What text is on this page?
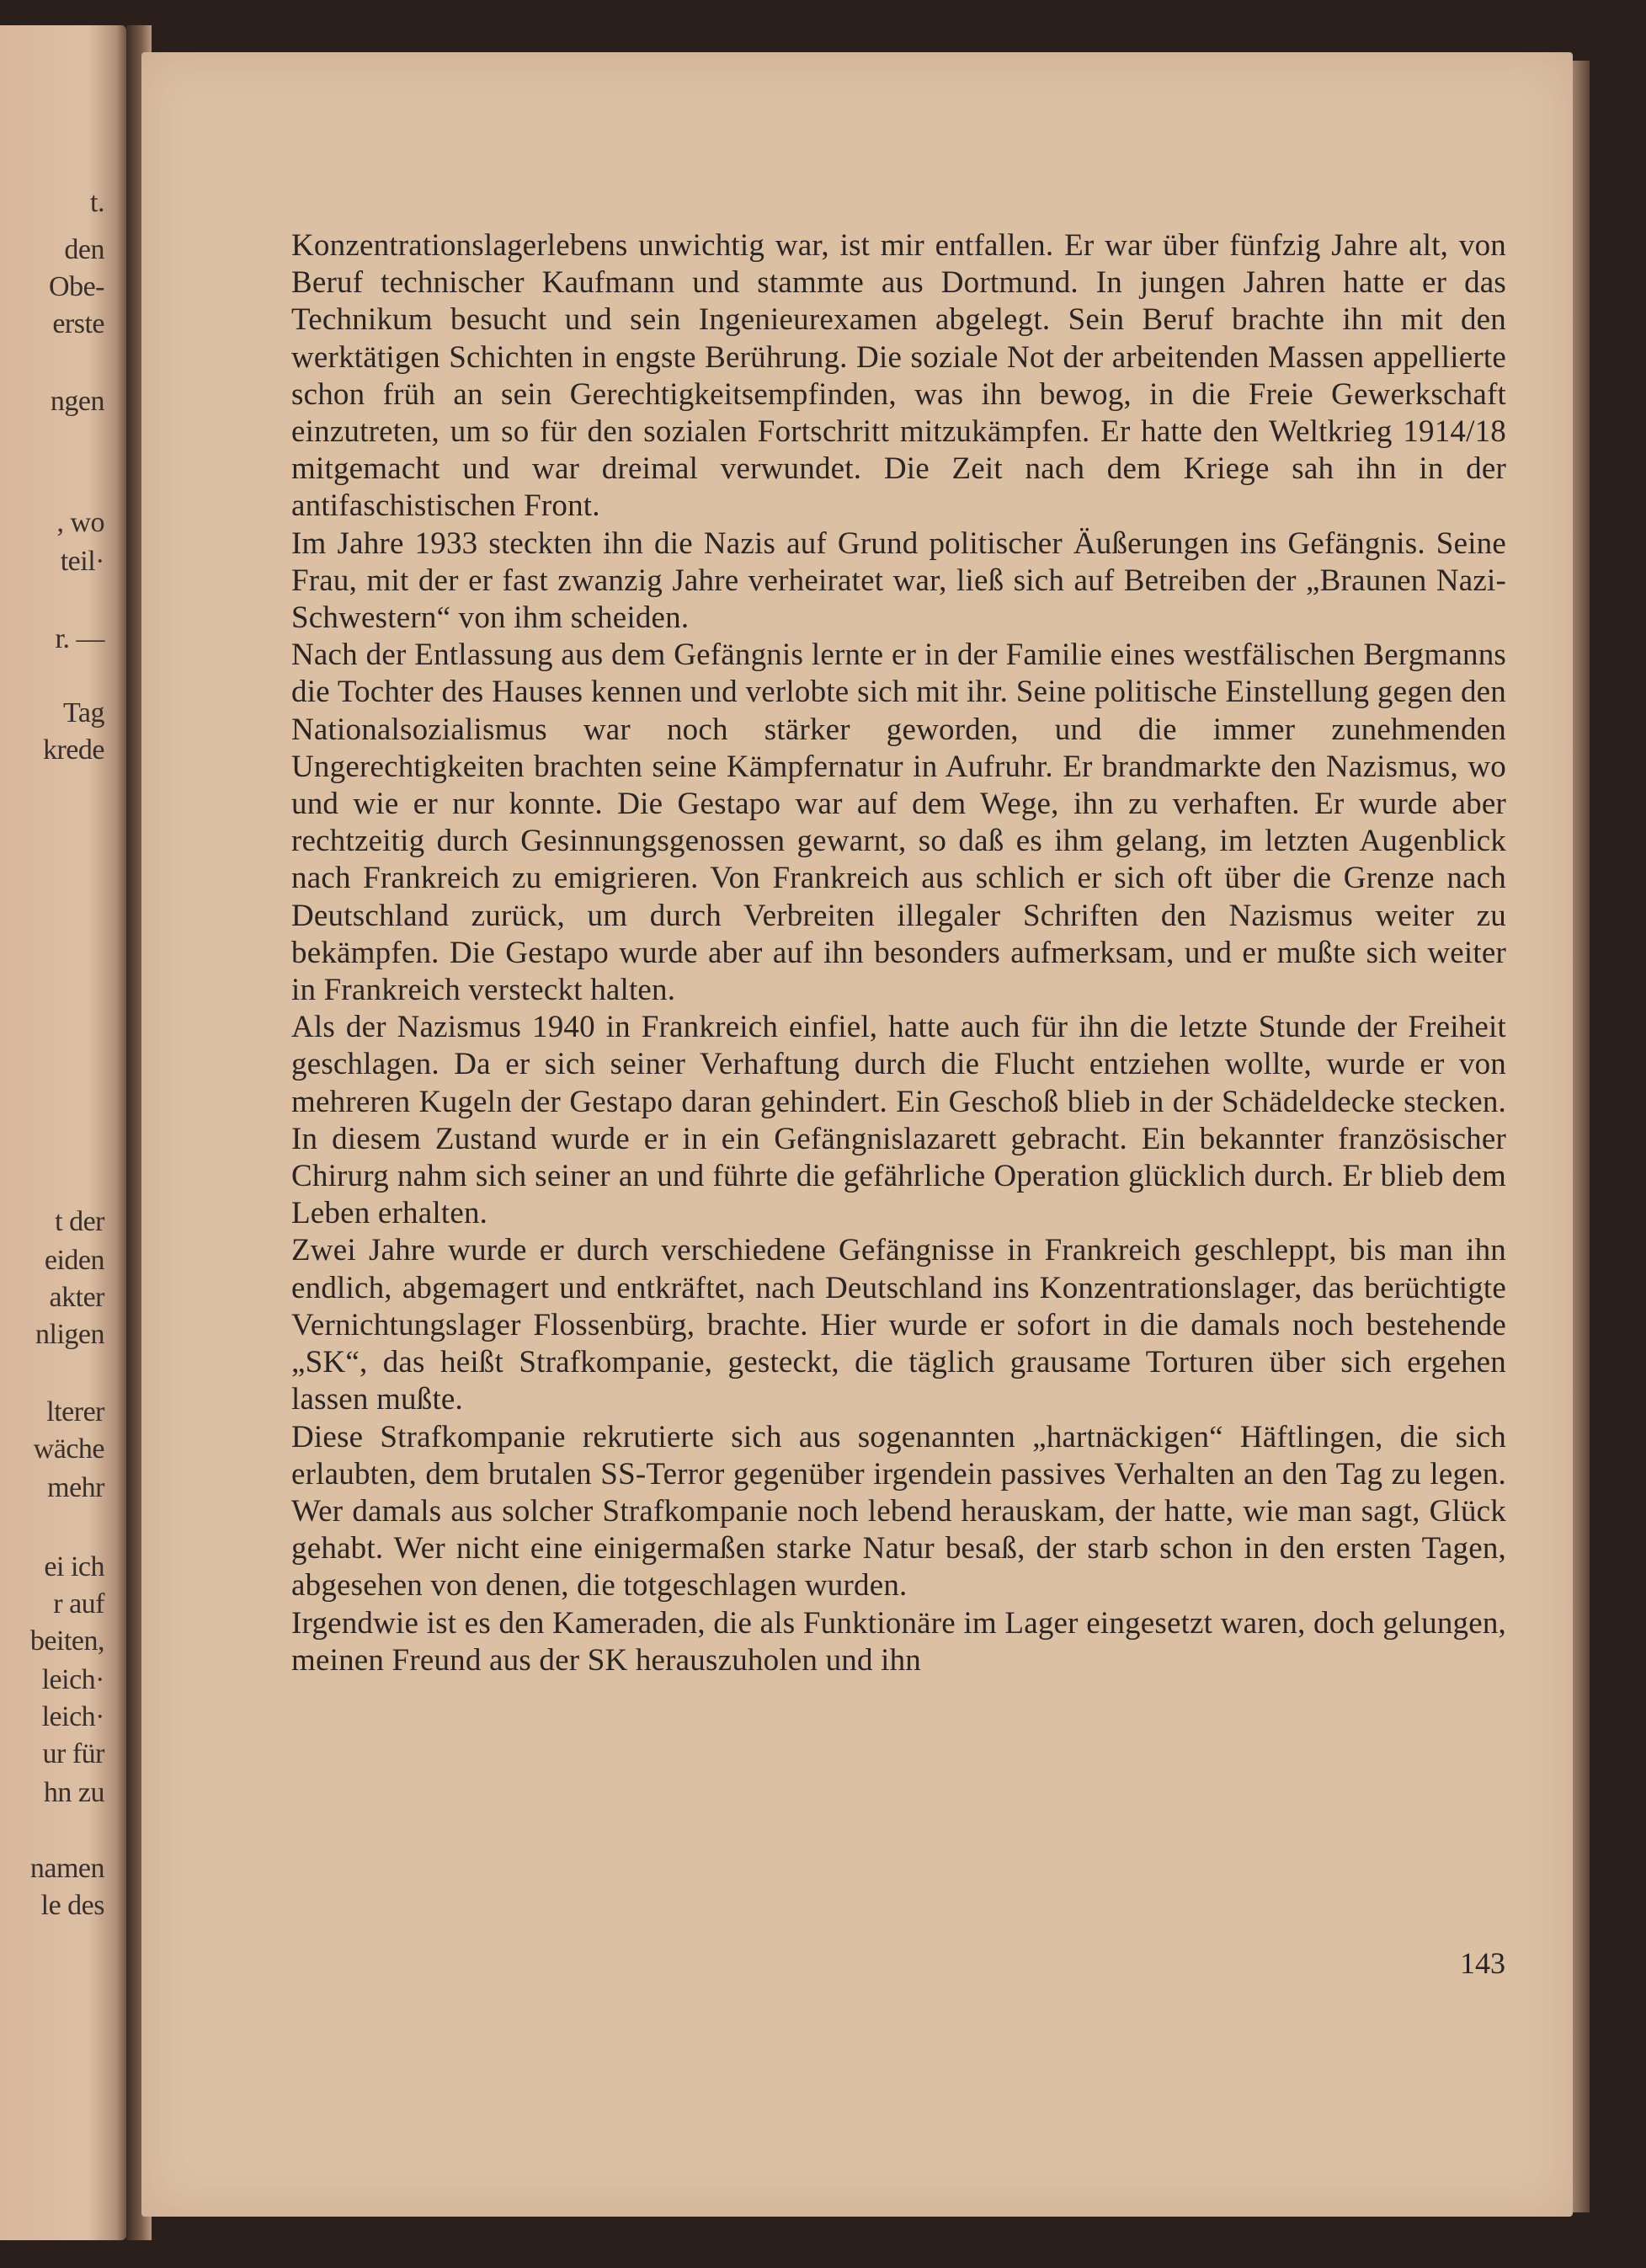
t.
den
Obe-
erste
ngen
, wo
teil·
r. —
Tag
krede
t der
eiden
akter
nligen
lterer
wäche
mehr
ei ich
r auf
beiten,
leich·
leich·
ur für
hn zu
namen
le des

Konzentrationslagerlebens unwichtig war, ist mir entfallen. Er war über fünfzig Jahre alt, von Beruf technischer Kaufmann und stammte aus Dortmund. In jungen Jahren hatte er das Technikum besucht und sein Ingenieurexamen abgelegt. Sein Beruf brachte ihn mit den werktätigen Schichten in engste Berührung. Die soziale Not der arbeitenden Massen appellierte schon früh an sein Gerechtigkeitsempfinden, was ihn bewog, in die Freie Gewerkschaft einzutreten, um so für den sozialen Fortschritt mitzukämpfen. Er hatte den Weltkrieg 1914/18 mitgemacht und war dreimal verwundet. Die Zeit nach dem Kriege sah ihn in der antifaschistischen Front.

Im Jahre 1933 steckten ihn die Nazis auf Grund politischer Äußerungen ins Gefängnis. Seine Frau, mit der er fast zwanzig Jahre verheiratet war, ließ sich auf Betreiben der „Braunen Nazi-Schwestern“ von ihm scheiden.

Nach der Entlassung aus dem Gefängnis lernte er in der Familie eines westfälischen Bergmanns die Tochter des Hauses kennen und verlobte sich mit ihr. Seine politische Einstellung gegen den Nationalsozialismus war noch stärker geworden, und die immer zunehmenden Ungerechtigkeiten brachten seine Kämpfernatur in Aufruhr. Er brandmarkte den Nazismus, wo und wie er nur konnte. Die Gestapo war auf dem Wege, ihn zu verhaften. Er wurde aber rechtzeitig durch Gesinnungsgenossen gewarnt, so daß es ihm gelang, im letzten Augenblick nach Frankreich zu emigrieren. Von Frankreich aus schlich er sich oft über die Grenze nach Deutschland zurück, um durch Verbreiten illegaler Schriften den Nazismus weiter zu bekämpfen. Die Gestapo wurde aber auf ihn besonders aufmerksam, und er mußte sich weiter in Frankreich versteckt halten.

Als der Nazismus 1940 in Frankreich einfiel, hatte auch für ihn die letzte Stunde der Freiheit geschlagen. Da er sich seiner Verhaftung durch die Flucht entziehen wollte, wurde er von mehreren Kugeln der Gestapo daran gehindert. Ein Geschoß blieb in der Schädeldecke stecken. In diesem Zustand wurde er in ein Gefängnislazarett gebracht. Ein bekannter französischer Chirurg nahm sich seiner an und führte die gefährliche Operation glücklich durch. Er blieb dem Leben erhalten.

Zwei Jahre wurde er durch verschiedene Gefängnisse in Frankreich geschleppt, bis man ihn endlich, abgemagert und entkräftet, nach Deutschland ins Konzentrationslager, das berüchtigte Vernichtungslager Flossenbürg, brachte. Hier wurde er sofort in die damals noch bestehende „SK“, das heißt Strafkompanie, gesteckt, die täglich grausame Torturen über sich ergehen lassen mußte.

Diese Strafkompanie rekrutierte sich aus sogenannten „hartnäckigen“ Häftlingen, die sich erlaubten, dem brutalen SS-Terror gegenüber irgendein passives Verhalten an den Tag zu legen. Wer damals aus solcher Strafkompanie noch lebend herauskam, der hatte, wie man sagt, Glück gehabt. Wer nicht eine einigermaßen starke Natur besaß, der starb schon in den ersten Tagen, abgesehen von denen, die totgeschlagen wurden.

Irgendwie ist es den Kameraden, die als Funktionäre im Lager eingesetzt waren, doch gelungen, meinen Freund aus der SK herauszuholen und ihn

143
